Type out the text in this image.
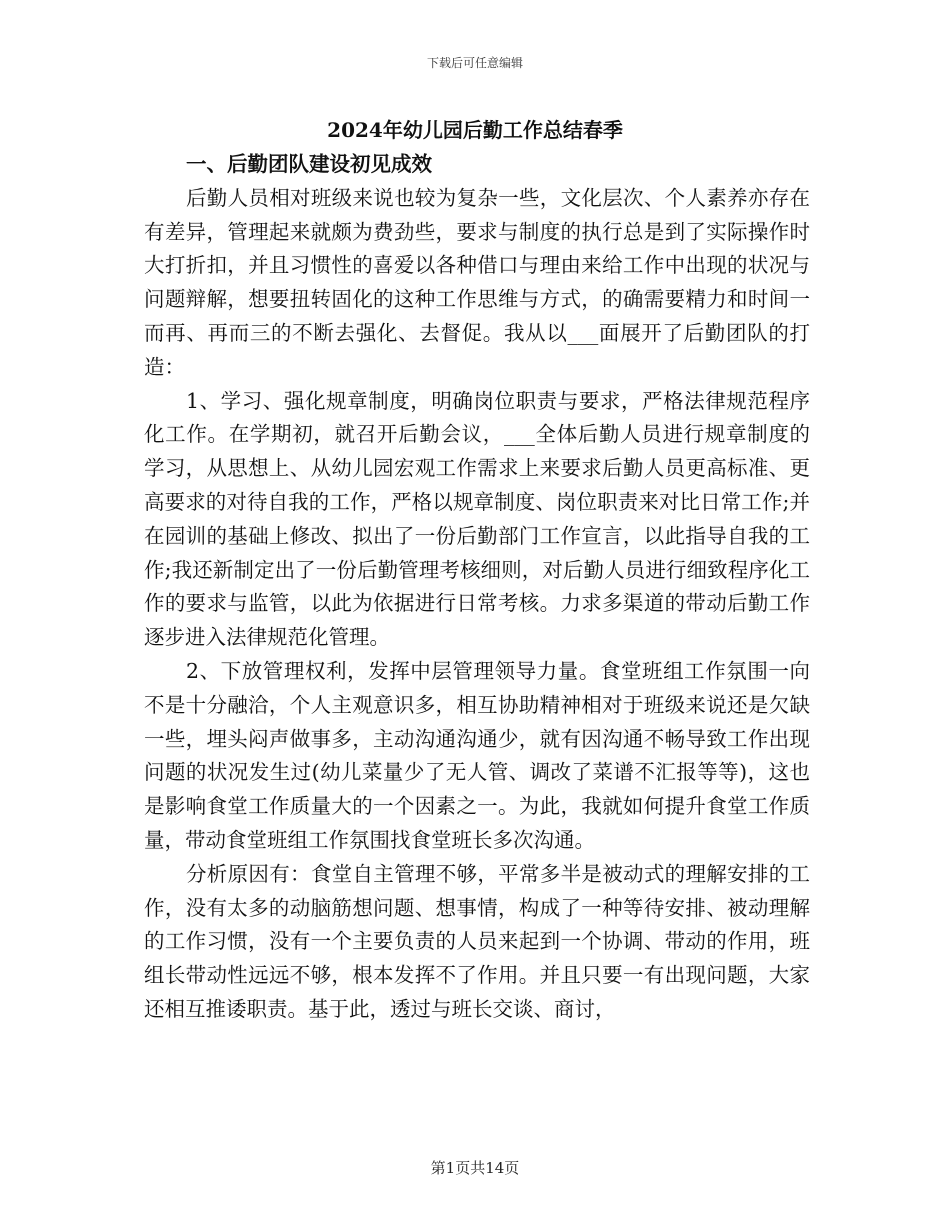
下载后可任意编辑
2024年幼儿园后勤工作总结春季

一、后勤团队建设初见成效

后勤人员相对班级来说也较为复杂一些，文化层次、个人素养亦存在有差异，管理起来就颇为费劲些，要求与制度的执行总是到了实际操作时大打折扣，并且习惯性的喜爱以各种借口与理由来给工作中出现的状况与问题辩解，想要扭转固化的这种工作思维与方式，的确需要精力和时间一而再、再而三的不断去强化、去督促。我从以___面展开了后勤团队的打造：

1、学习、强化规章制度，明确岗位职责与要求，严格法律规范程序化工作。在学期初，就召开后勤会议，___全体后勤人员进行规章制度的学习，从思想上、从幼儿园宏观工作需求上来要求后勤人员更高标准、更高要求的对待自我的工作，严格以规章制度、岗位职责来对比日常工作;并在园训的基础上修改、拟出了一份后勤部门工作宣言，以此指导自我的工作;我还新制定出了一份后勤管理考核细则，对后勤人员进行细致程序化工作的要求与监管，以此为依据进行日常考核。力求多渠道的带动后勤工作逐步进入法律规范化管理。

2、下放管理权利，发挥中层管理领导力量。食堂班组工作氛围一向不是十分融洽，个人主观意识多，相互协助精神相对于班级来说还是欠缺一些，埋头闷声做事多，主动沟通沟通少，就有因沟通不畅导致工作出现问题的状况发生过(幼儿菜量少了无人管、调改了菜谱不汇报等等)，这也是影响食堂工作质量大的一个因素之一。为此，我就如何提升食堂工作质量，带动食堂班组工作氛围找食堂班长多次沟通。

分析原因有：食堂自主管理不够，平常多半是被动式的理解安排的工作，没有太多的动脑筋想问题、想事情，构成了一种等待安排、被动理解的工作习惯，没有一个主要负责的人员来起到一个协调、带动的作用，班组长带动性远远不够，根本发挥不了作用。并且只要一有出现问题，大家还相互推诿职责。基于此，透过与班长交谈、商讨，

第1页共14页
